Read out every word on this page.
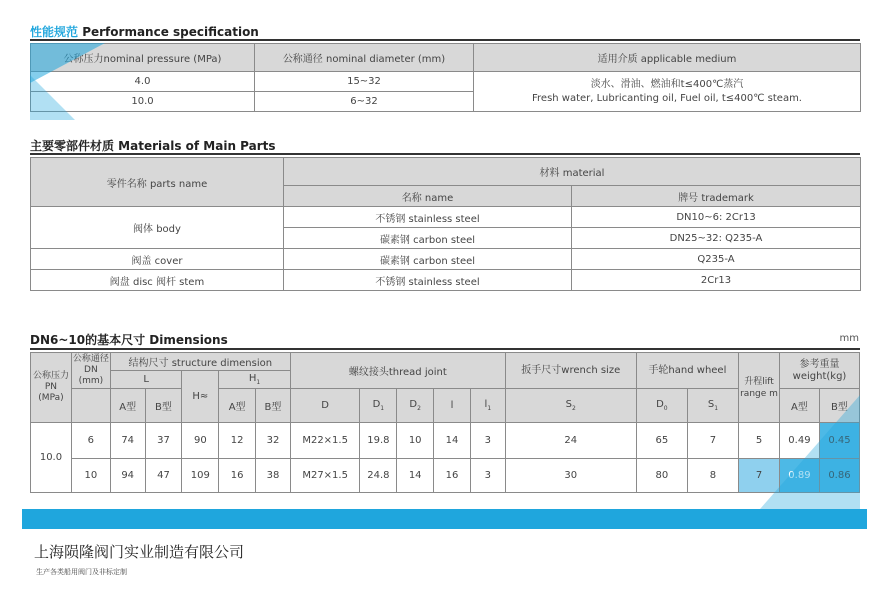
性能规范 Performance specification
公称压力nominal pressure (MPa)	公称通径 nominal diameter (mm)	适用介质 applicable medium
4.0	15~32	淡水、滑油、燃油和t≤400℃蒸汽
Fresh water, Lubricanting oil, Fuel oil, t≤400℃ steam.

10.0	6~32	
主要零部件材质 Materials of Main Parts
零件名称 parts name	材料 material	
	名称 name	牌号 trademark
阀体 body	不锈钢 stainless steel	DN10~6: 2Cr13
	碳素钢 carbon steel	DN25~32: Q235-A
阀盖 cover	碳素钢 carbon steel	Q235-A
阀盘 disc 阀杆 stem	不锈钢 stainless steel	2Cr13
DN6~10的基本尺寸 Dimensions	mm
公称压力PN (MPa)	公称通径DN (mm)	结构尺寸 structure dimension					螺纹接头thread joint					扳手尺寸wrench size	手轮hand wheel		升程lift range m	参考重量weight(kg)	
		L		H≈	$H_1$
		A型	B型		A型	B型	D	$D_1$	$D_2$	l	$l_1$	$S_2$	$D_0$	$S_1$		A型	B型
10.0	6	74	37	90	12	32	M22×1.5	19.8	10	14	3	24	65	7	5	0.49	0.45
	10	94	47	109	16	38	M27×1.5	24.8	14	16	3	30	80	8	7	0.89	0.86
上海陨隆阀门实业制造有限公司
生产各类船用阀门及非标定制
